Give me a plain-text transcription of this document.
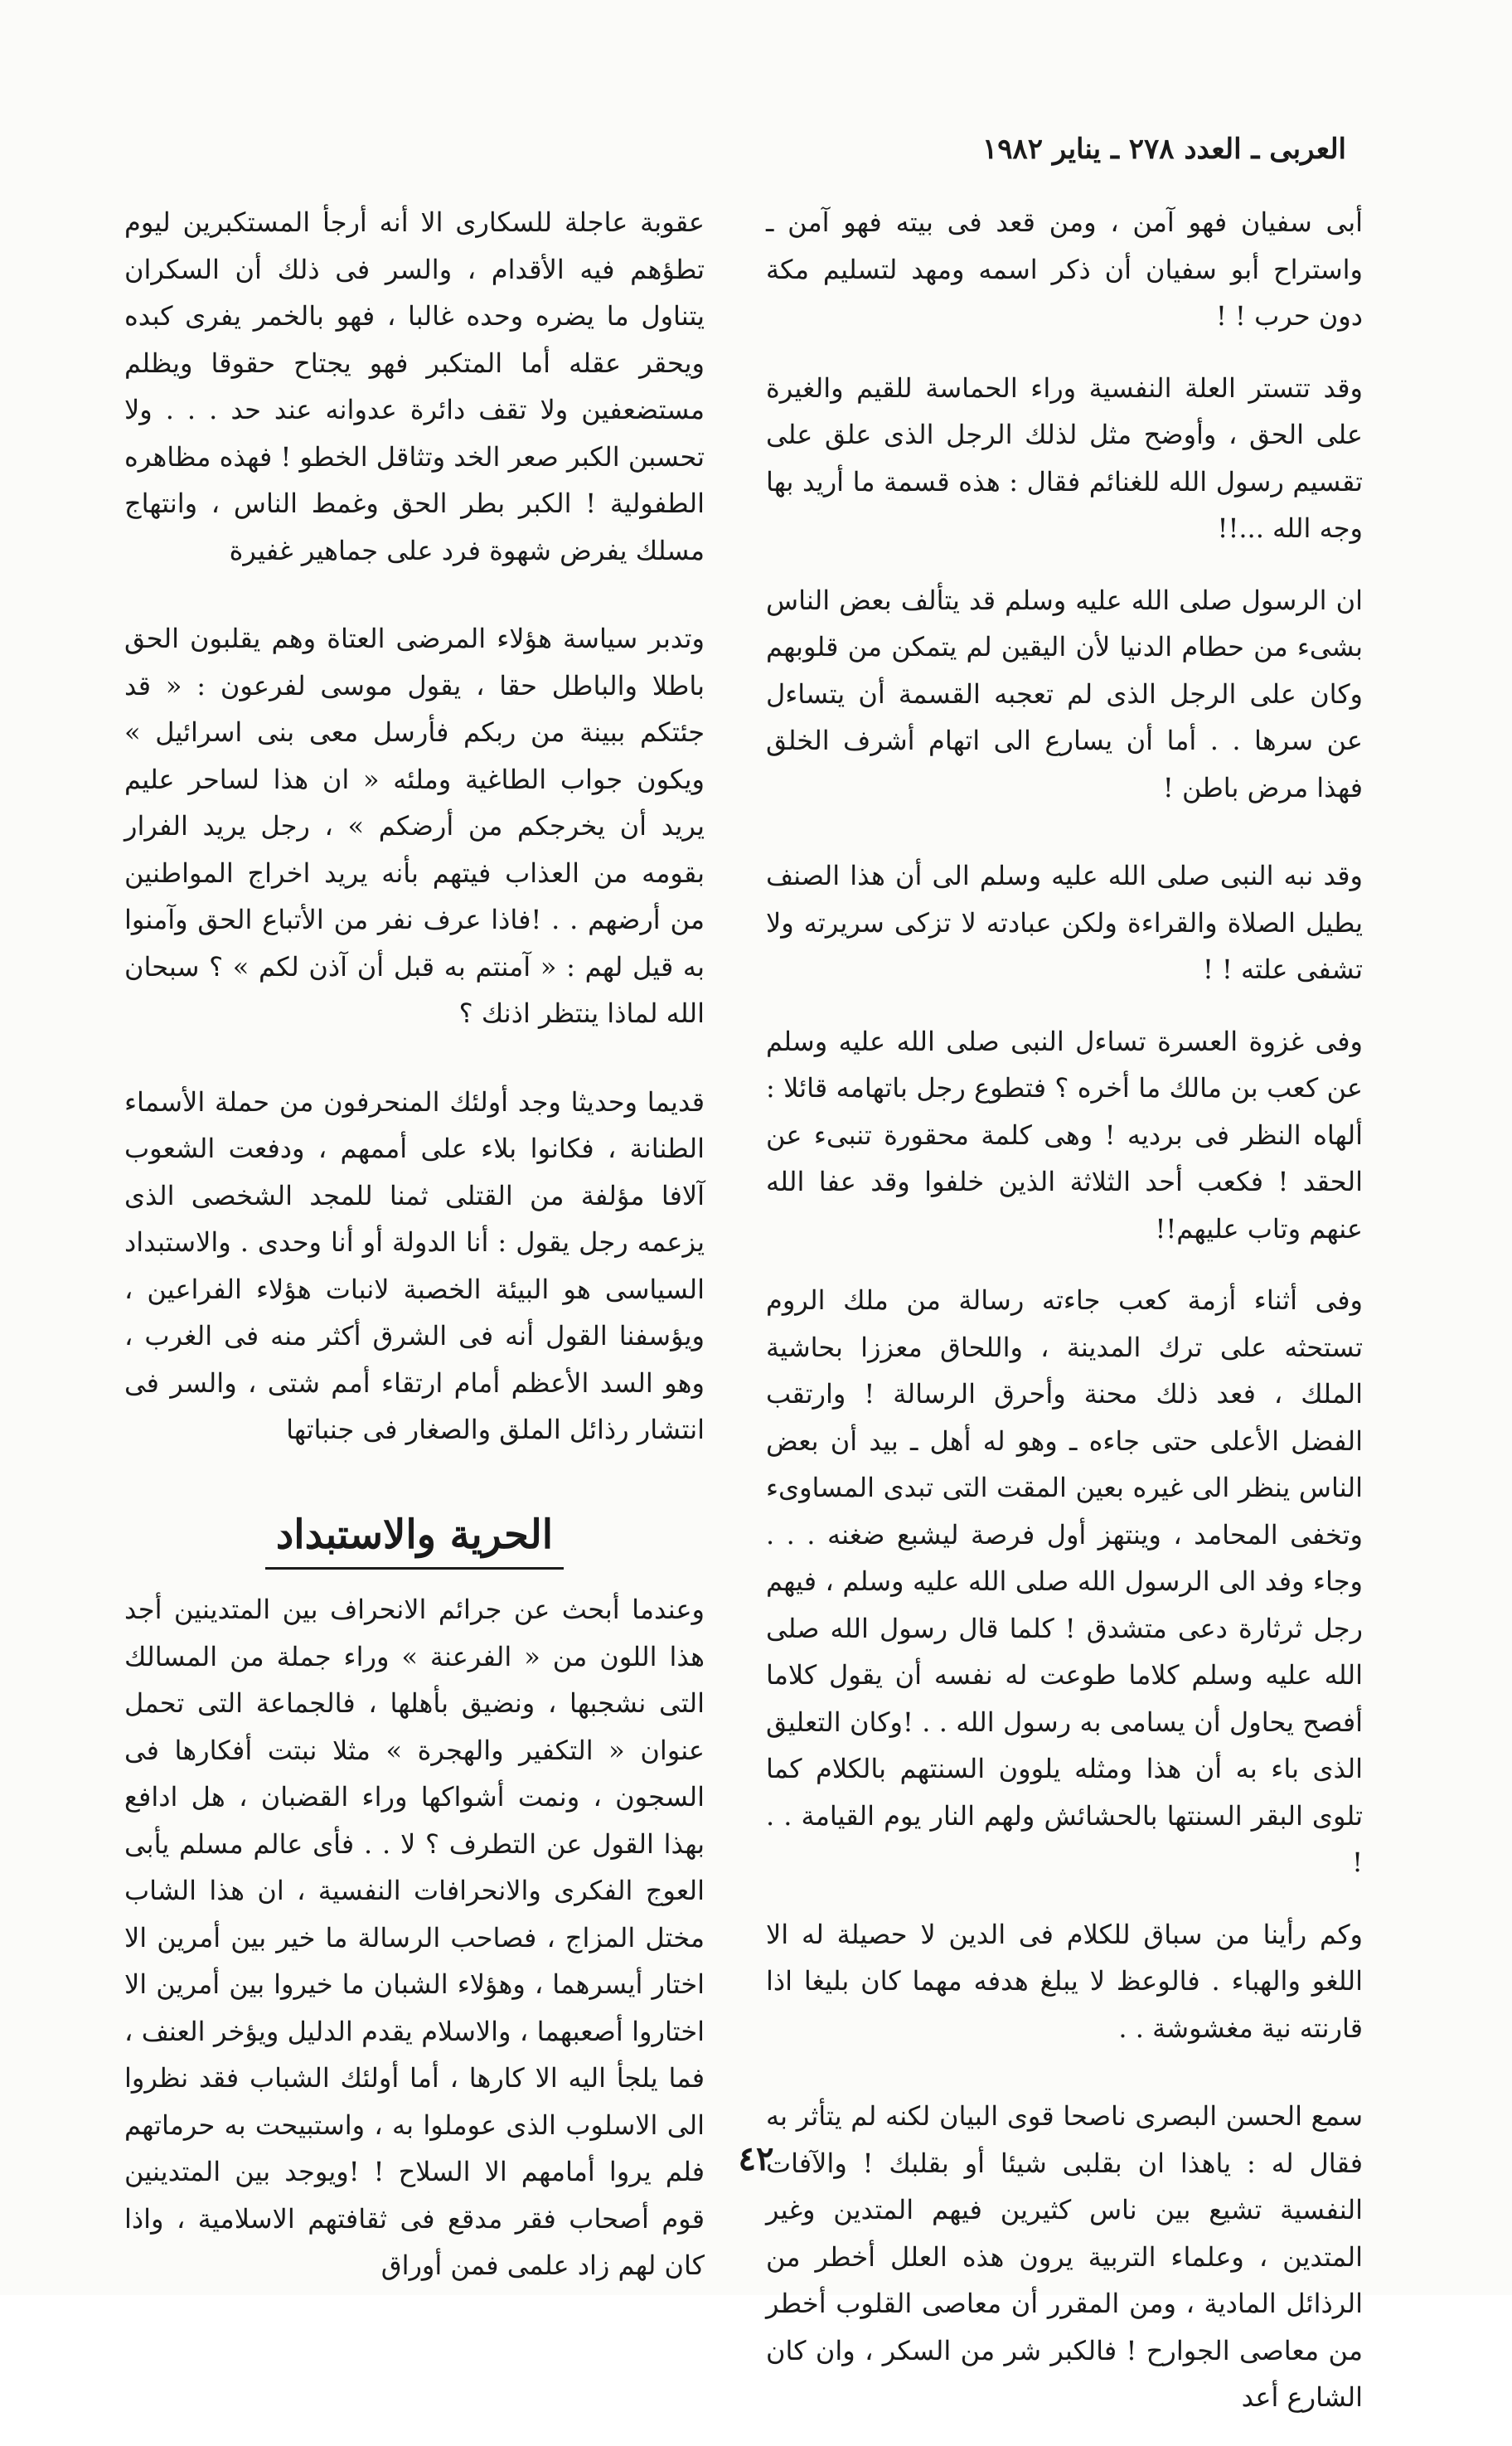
العربى ـ العدد ٢٧٨ ـ يناير ١٩٨٢

أبى سفيان فهو آمن ، ومن قعد فى بيته فهو آمن ـ واستراح أبو سفيان أن ذكر اسمه ومهد لتسليم مكة دون حرب ! !

وقد تتستر العلة النفسية وراء الحماسة للقيم والغيرة على الحق ، وأوضح مثل لذلك الرجل الذى علق على تقسيم رسول الله للغنائم فقال : هذه قسمة ما أريد بها وجه الله ...!!

ان الرسول صلى الله عليه وسلم قد يتألف بعض الناس بشىء من حطام الدنيا لأن اليقين لم يتمكن من قلوبهم وكان على الرجل الذى لم تعجبه القسمة أن يتساءل عن سرها . . أما أن يسارع الى اتهام أشرف الخلق فهذا مرض باطن !

وقد نبه النبى صلى الله عليه وسلم الى أن هذا الصنف يطيل الصلاة والقراءة ولكن عبادته لا تزكى سريرته ولا تشفى علته ! !

وفى غزوة العسرة تساءل النبى صلى الله عليه وسلم عن كعب بن مالك ما أخره ؟ فتطوع رجل باتهامه قائلا : ألهاه النظر فى برديه ! وهى كلمة محقورة تنبىء عن الحقد ! فكعب أحد الثلاثة الذين خلفوا وقد عفا الله عنهم وتاب عليهم!!

وفى أثناء أزمة كعب جاءته رسالة من ملك الروم تستحثه على ترك المدينة ، واللحاق معززا بحاشية الملك ، فعد ذلك محنة وأحرق الرسالة ! وارتقب الفضل الأعلى حتى جاءه ـ وهو له أهل ـ بيد أن بعض الناس ينظر الى غيره بعين المقت التى تبدى المساوىء وتخفى المحامد ، وينتهز أول فرصة ليشبع ضغنه . . . وجاء وفد الى الرسول الله صلى الله عليه وسلم ، فيهم رجل ثرثارة دعى متشدق ! كلما قال رسول الله صلى الله عليه وسلم كلاما طوعت له نفسه أن يقول كلاما أفصح يحاول أن يسامى به رسول الله . . !وكان التعليق الذى باء به أن هذا ومثله يلوون السنتهم بالكلام كما تلوى البقر السنتها بالحشائش ولهم النار يوم القيامة . . !

وكم رأينا من سباق للكلام فى الدين لا حصيلة له الا اللغو والهباء . فالوعظ لا يبلغ هدفه مهما كان بليغا اذا قارنته نية مغشوشة . .

سمع الحسن البصرى ناصحا قوى البيان لكنه لم يتأثر به فقال له : ياهذا ان بقلبى شيئا أو بقلبك ! والآفات النفسية تشيع بين ناس كثيرين فيهم المتدين وغير المتدين ، وعلماء التربية يرون هذه العلل أخطر من الرذائل المادية ، ومن المقرر أن معاصى القلوب أخطر من معاصى الجوارح ! فالكبر شر من السكر ، وان كان الشارع أعد

عقوبة عاجلة للسكارى الا أنه أرجأ المستكبرين ليوم تطؤهم فيه الأقدام ، والسر فى ذلك أن السكران يتناول ما يضره وحده غالبا ، فهو بالخمر يفرى كبده ويحقر عقله أما المتكبر فهو يجتاح حقوقا ويظلم مستضعفين ولا تقف دائرة عدوانه عند حد . . . ولا تحسبن الكبر صعر الخد وتثاقل الخطو ! فهذه مظاهره الطفولية ! الكبر بطر الحق وغمط الناس ، وانتهاج مسلك يفرض شهوة فرد على جماهير غفيرة

وتدبر سياسة هؤلاء المرضى العتاة وهم يقلبون الحق باطلا والباطل حقا ، يقول موسى لفرعون : « قد جئتكم ببينة من ربكم فأرسل معى بنى اسرائيل » ويكون جواب الطاغية وملئه « ان هذا لساحر عليم يريد أن يخرجكم من أرضكم » ، رجل يريد الفرار بقومه من العذاب فيتهم بأنه يريد اخراج المواطنين من أرضهم . . !فاذا عرف نفر من الأتباع الحق وآمنوا به قيل لهم : « آمنتم به قبل أن آذن لكم » ؟ سبحان الله لماذا ينتظر اذنك ؟

قديما وحديثا وجد أولئك المنحرفون من حملة الأسماء الطنانة ، فكانوا بلاء على أممهم ، ودفعت الشعوب آلافا مؤلفة من القتلى ثمنا للمجد الشخصى الذى يزعمه رجل يقول : أنا الدولة أو أنا وحدى . والاستبداد السياسى هو البيئة الخصبة لانبات هؤلاء الفراعين ، ويؤسفنا القول أنه فى الشرق أكثر منه فى الغرب ، وهو السد الأعظم أمام ارتقاء أمم شتى ، والسر فى انتشار رذائل الملق والصغار فى جنباتها

الحرية والاستبداد

وعندما أبحث عن جرائم الانحراف بين المتدينين أجد هذا اللون من « الفرعنة » وراء جملة من المسالك التى نشجبها ، ونضيق بأهلها ، فالجماعة التى تحمل عنوان « التكفير والهجرة » مثلا نبتت أفكارها فى السجون ، ونمت أشواكها وراء القضبان ، هل ادافع بهذا القول عن التطرف ؟ لا . . فأى عالم مسلم يأبى العوج الفكرى والانحرافات النفسية ، ان هذا الشاب مختل المزاج ، فصاحب الرسالة ما خير بين أمرين الا اختار أيسرهما ، وهؤلاء الشبان ما خيروا بين أمرين الا اختاروا أصعبهما ، والاسلام يقدم الدليل ويؤخر العنف ، فما يلجأ اليه الا كارها ، أما أولئك الشباب فقد نظروا الى الاسلوب الذى عوملوا به ، واستبيحت به حرماتهم فلم يروا أمامهم الا السلاح ! !ويوجد بين المتدينين قوم أصحاب فقر مدقع فى ثقافتهم الاسلامية ، واذا كان لهم زاد علمى فمن أوراق

٤٢
